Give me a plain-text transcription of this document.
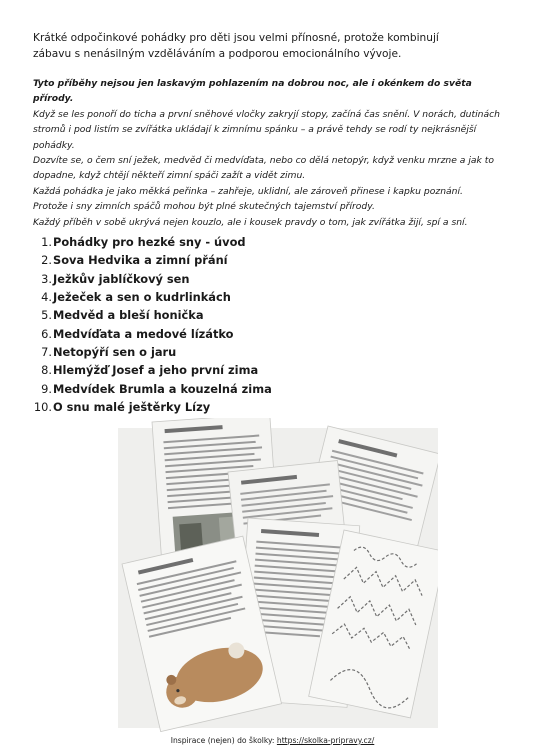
Krátké odpočinkové pohádky pro děti jsou velmi přínosné, protože kombinují

zábavu s nenásilným vzděláváním a podporou emocionálního vývoje.

Tyto příběhy nejsou jen laskavým pohlazením na dobrou noc, ale i okénkem do světa přírody.

Když se les ponoří do ticha a první sněhové vločky zakryjí stopy, začíná čas snění. V norách, dutinách stromů i pod listím se zvířátka ukládají k zimnímu spánku – a právě tehdy se rodí ty nejkrásnější pohádky.

Dozvíte se, o čem sní ježek, medvěd či medvíďata, nebo co dělá netopýr, když venku mrzne a jak to dopadne, když chtějí někteří zimní spáči zažít a vidět zimu.

Každá pohádka je jako měkká peřinka – zahřeje, uklidní, ale zároveň přinese i kapku poznání.

Protože i sny zimních spáčů mohou být plné skutečných tajemství přírody.

Každý příběh v sobě ukrývá nejen kouzlo, ale i kousek pravdy o tom, jak zvířátka žijí, spí a sní.

1. Pohádky pro hezké sny - úvod
2. Sova Hedvika a zimní přání
3. Ježkův jablíčkový sen
4. Ježeček a sen o kudrlinkách
5. Medvěd a bleší honička
6. Medvíďata a medové lízátko
7. Netopýří sen o jaru
8. Hlemýžď Josef a jeho první zima
9. Medvídek Brumla a kouzelná zima
10. O snu malé ještěrky Lízy
Inspirace (nejen) do školky: https://skolka-pripravy.cz/
